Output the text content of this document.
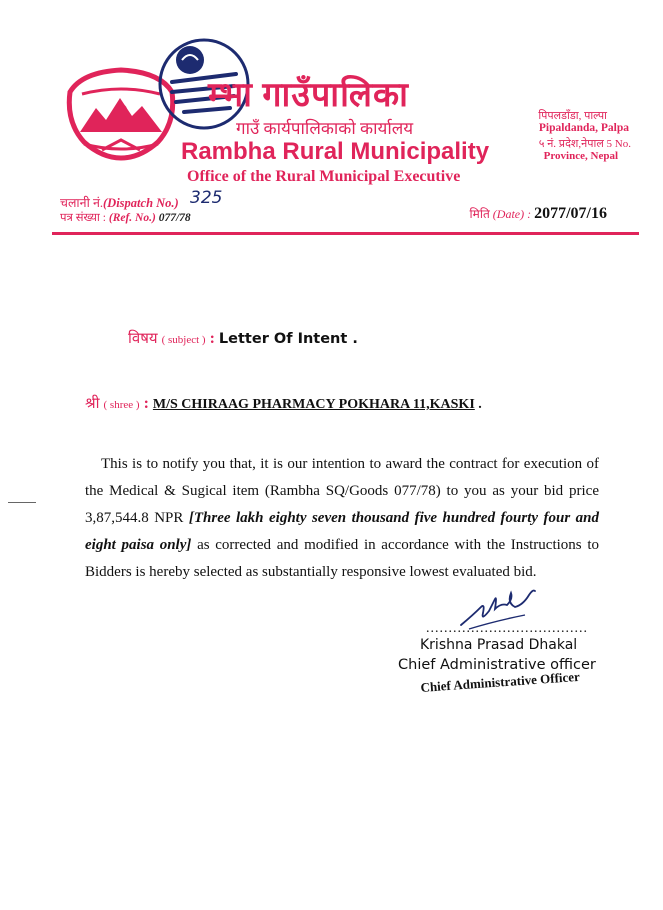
म्भा गाउँपालिका
गाउँ कार्यपालिकाको कार्यालय
Rambha Rural Municipality
Office of the Rural Municipal Executive
पिपलडाँडा, पाल्पा
Pipaldanda, Palpa
५ नं. प्रदेश,नेपाल 5 No.
Province, Nepal
चलानी नं.(Dispatch No.) 325
पत्र संख्या : (Ref. No.) 077/78	मिति (Date) : 2077/07/16
विषय ( subject ) : Letter Of Intent .
श्री ( shree ) : M/S CHIRAAG PHARMACY POKHARA 11,KASKI .

This is to notify you that, it is our intention to award the contract for execution of the Medical & Sugical item (Rambha SQ/Goods 077/78) to you as your bid price 3,87,544.8 NPR [Three lakh eighty seven thousand five hundred fourty four and eight paisa only] as corrected and modified in accordance with the Instructions to Bidders is hereby selected as substantially responsive lowest evaluated bid.

....................................
Krishna Prasad Dhakal
Chief Administrative officer
Chief Administrative Officer
